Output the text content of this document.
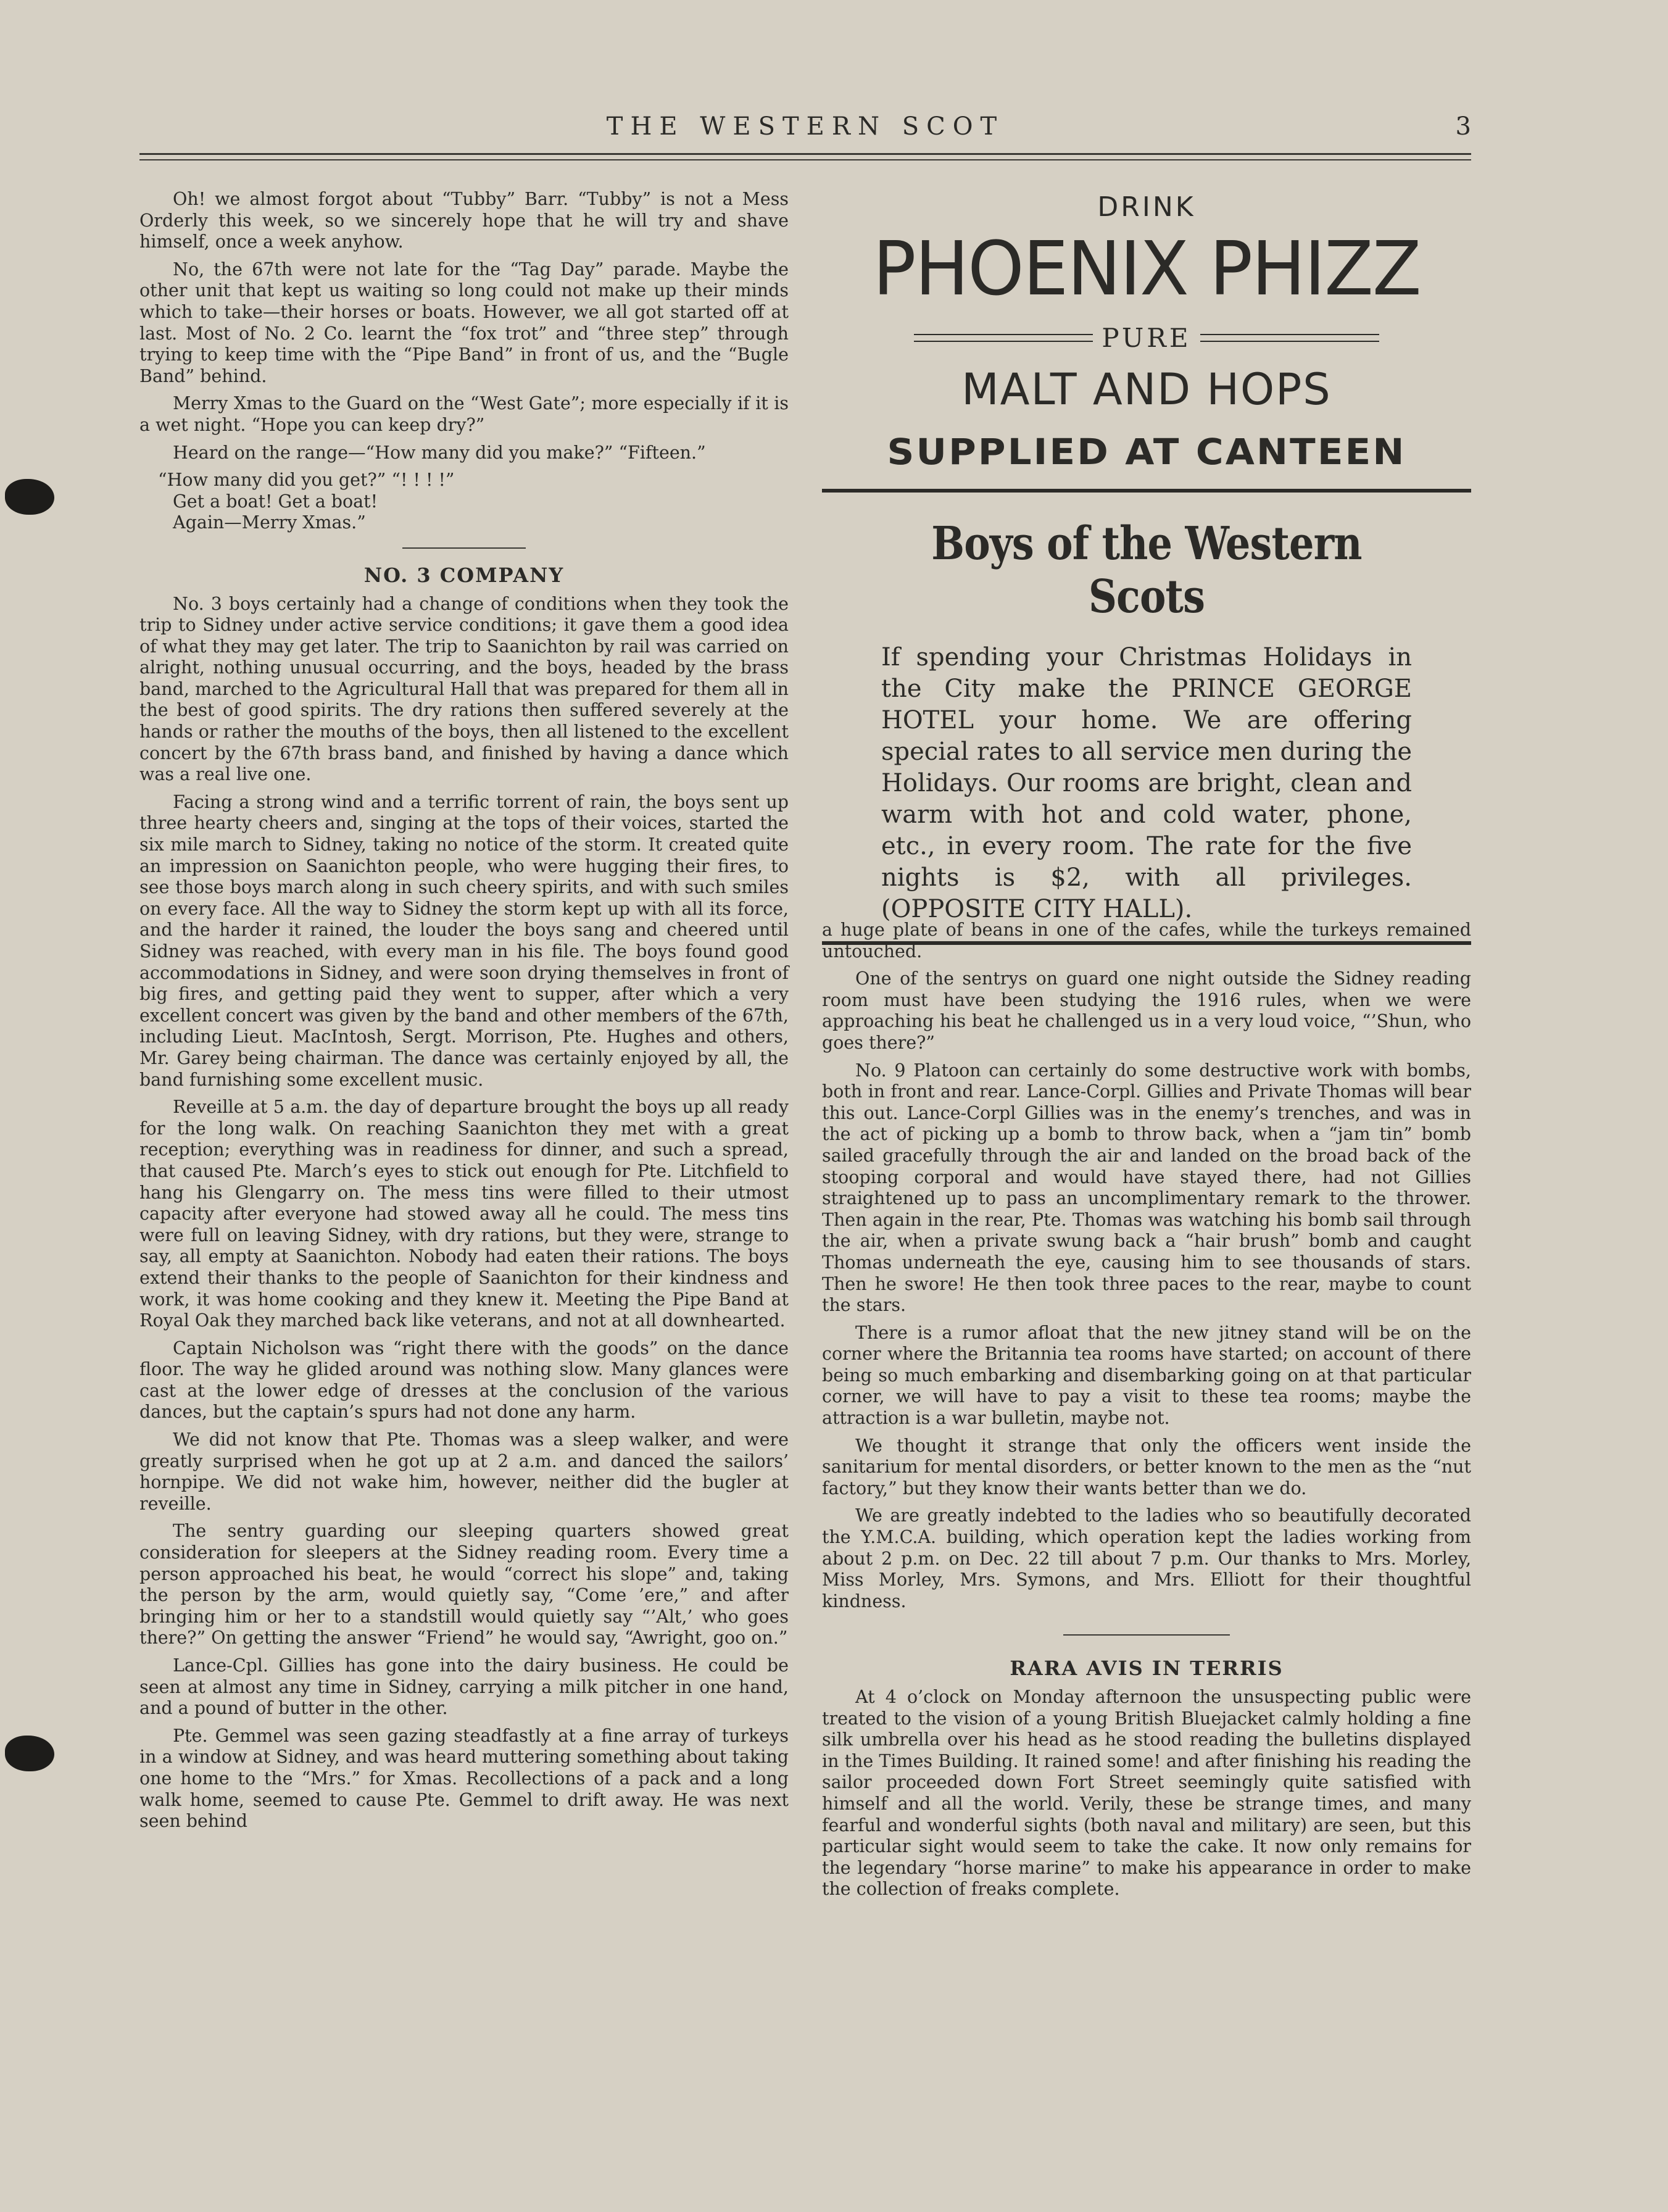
THE WESTERN SCOT	3

Oh! we almost forgot about “Tubby” Barr. “Tubby” is not a Mess Orderly this week, so we sincerely hope that he will try and shave himself, once a week anyhow.

No, the 67th were not late for the “Tag Day” parade. Maybe the other unit that kept us waiting so long could not make up their minds which to take—their horses or boats. However, we all got started off at last. Most of No. 2 Co. learnt the “fox trot” and “three step” through trying to keep time with the “Pipe Band” in front of us, and the “Bugle Band” behind.

Merry Xmas to the Guard on the “West Gate”; more especially if it is a wet night. “Hope you can keep dry?”

Heard on the range—“How many did you make?” “Fifteen.”

“How many did you get?” “! ! ! !”

Get a boat! Get a boat!

Again—Merry Xmas.”

NO. 3 COMPANY

No. 3 boys certainly had a change of conditions when they took the trip to Sidney under active service conditions; it gave them a good idea of what they may get later. The trip to Saanichton by rail was carried on alright, nothing unusual occurring, and the boys, headed by the brass band, marched to the Agricultural Hall that was prepared for them all in the best of good spirits. The dry rations then suffered severely at the hands or rather the mouths of the boys, then all listened to the excellent concert by the 67th brass band, and finished by having a dance which was a real live one.

Facing a strong wind and a terrific torrent of rain, the boys sent up three hearty cheers and, singing at the tops of their voices, started the six mile march to Sidney, taking no notice of the storm. It created quite an impression on Saanichton people, who were hugging their fires, to see those boys march along in such cheery spirits, and with such smiles on every face. All the way to Sidney the storm kept up with all its force, and the harder it rained, the louder the boys sang and cheered until Sidney was reached, with every man in his file. The boys found good accommodations in Sidney, and were soon drying themselves in front of big fires, and getting paid they went to supper, after which a very excellent concert was given by the band and other members of the 67th, including Lieut. MacIntosh, Sergt. Morrison, Pte. Hughes and others, Mr. Garey being chairman. The dance was certainly enjoyed by all, the band furnishing some excellent music.

Reveille at 5 a.m. the day of departure brought the boys up all ready for the long walk. On reaching Saanichton they met with a great reception; everything was in readiness for dinner, and such a spread, that caused Pte. March’s eyes to stick out enough for Pte. Litchfield to hang his Glengarry on. The mess tins were filled to their utmost capacity after everyone had stowed away all he could. The mess tins were full on leaving Sidney, with dry rations, but they were, strange to say, all empty at Saanichton. Nobody had eaten their rations. The boys extend their thanks to the people of Saanichton for their kindness and work, it was home cooking and they knew it. Meeting the Pipe Band at Royal Oak they marched back like veterans, and not at all downhearted.

Captain Nicholson was “right there with the goods” on the dance floor. The way he glided around was nothing slow. Many glances were cast at the lower edge of dresses at the conclusion of the various dances, but the captain’s spurs had not done any harm.

We did not know that Pte. Thomas was a sleep walker, and were greatly surprised when he got up at 2 a.m. and danced the sailors’ hornpipe. We did not wake him, however, neither did the bugler at reveille.

The sentry guarding our sleeping quarters showed great consideration for sleepers at the Sidney reading room. Every time a person approached his beat, he would “correct his slope” and, taking the person by the arm, would quietly say, “Come ’ere,” and after bringing him or her to a standstill would quietly say “’Alt,’ who goes there?” On getting the answer “Friend” he would say, “Awright, goo on.”

Lance-Cpl. Gillies has gone into the dairy business. He could be seen at almost any time in Sidney, carrying a milk pitcher in one hand, and a pound of butter in the other.

Pte. Gemmel was seen gazing steadfastly at a fine array of turkeys in a window at Sidney, and was heard muttering something about taking one home to the “Mrs.” for Xmas. Recollections of a pack and a long walk home, seemed to cause Pte. Gemmel to drift away. He was next seen behind

DRINK
PHOENIX PHIZZ
PURE
MALT AND HOPS
SUPPLIED AT CANTEEN
Boys of the Western Scots
If spending your Christmas Holidays in the City make the PRINCE GEORGE HOTEL your home. We are offering special rates to all service men during the Holidays. Our rooms are bright, clean and warm with hot and cold water, phone, etc., in every room. The rate for the five nights is $2, with all privileges. (OPPOSITE CITY HALL).

a huge plate of beans in one of the cafes, while the turkeys remained untouched.

One of the sentrys on guard one night outside the Sidney reading room must have been studying the 1916 rules, when we were approaching his beat he challenged us in a very loud voice, “’Shun, who goes there?”

No. 9 Platoon can certainly do some destructive work with bombs, both in front and rear. Lance-Corpl. Gillies and Private Thomas will bear this out. Lance-Corpl Gillies was in the enemy’s trenches, and was in the act of picking up a bomb to throw back, when a “jam tin” bomb sailed gracefully through the air and landed on the broad back of the stooping corporal and would have stayed there, had not Gillies straightened up to pass an uncomplimentary remark to the thrower. Then again in the rear, Pte. Thomas was watching his bomb sail through the air, when a private swung back a “hair brush” bomb and caught Thomas underneath the eye, causing him to see thousands of stars. Then he swore! He then took three paces to the rear, maybe to count the stars.

There is a rumor afloat that the new jitney stand will be on the corner where the Britannia tea rooms have started; on account of there being so much embarking and disembarking going on at that particular corner, we will have to pay a visit to these tea rooms; maybe the attraction is a war bulletin, maybe not.

We thought it strange that only the officers went inside the sanitarium for mental disorders, or better known to the men as the “nut factory,” but they know their wants better than we do.

We are greatly indebted to the ladies who so beautifully decorated the Y.M.C.A. building, which operation kept the ladies working from about 2 p.m. on Dec. 22 till about 7 p.m. Our thanks to Mrs. Morley, Miss Morley, Mrs. Symons, and Mrs. Elliott for their thoughtful kindness.

RARA AVIS IN TERRIS

At 4 o’clock on Monday afternoon the unsuspecting public were treated to the vision of a young British Bluejacket calmly holding a fine silk umbrella over his head as he stood reading the bulletins displayed in the Times Building. It rained some! and after finishing his reading the sailor proceeded down Fort Street seemingly quite satisfied with himself and all the world. Verily, these be strange times, and many fearful and wonderful sights (both naval and military) are seen, but this particular sight would seem to take the cake. It now only remains for the legendary “horse marine” to make his appearance in order to make the collection of freaks complete.
